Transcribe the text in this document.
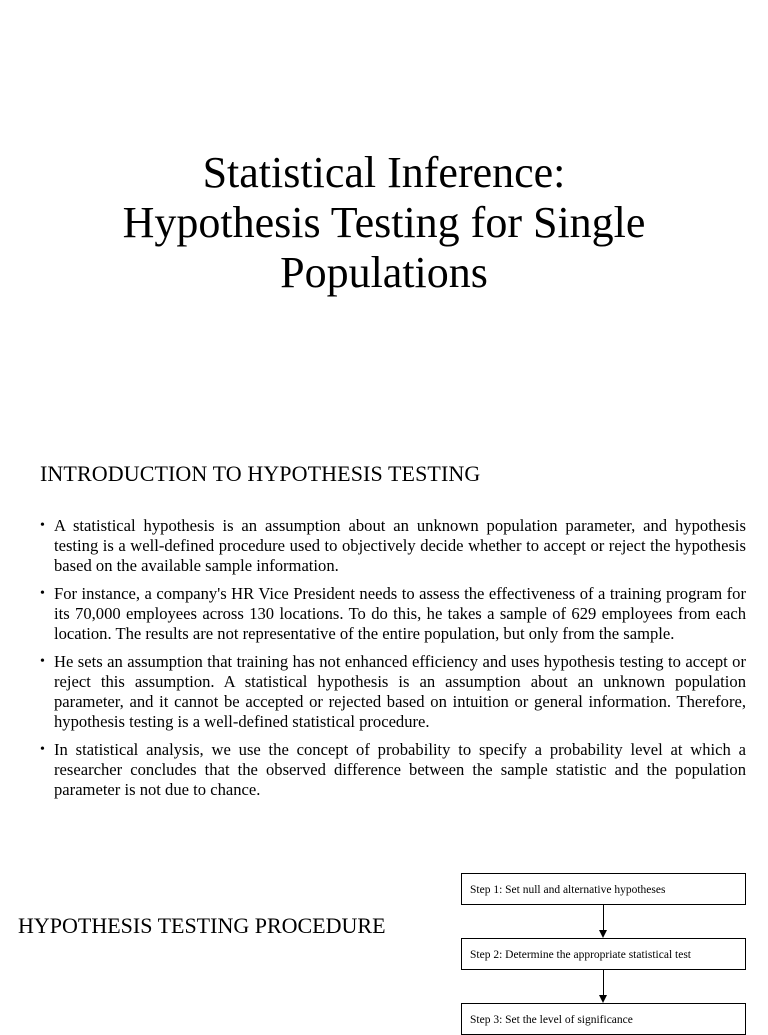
Statistical Inference:
Hypothesis Testing for Single
Populations
INTRODUCTION TO HYPOTHESIS TESTING
• A statistical hypothesis is an assumption about an unknown population parameter, and hypothesis testing is a well-defined procedure used to objectively decide whether to accept or reject the hypothesis based on the available sample information.
• For instance, a company's HR Vice President needs to assess the effectiveness of a training program for its 70,000 employees across 130 locations. To do this, he takes a sample of 629 employees from each location. The results are not representative of the entire population, but only from the sample.
• He sets an assumption that training has not enhanced efficiency and uses hypothesis testing to accept or reject this assumption. A statistical hypothesis is an assumption about an unknown population parameter, and it cannot be accepted or rejected based on intuition or general information. Therefore, hypothesis testing is a well-defined statistical procedure.
• In statistical analysis, we use the concept of probability to specify a probability level at which a researcher concludes that the observed difference between the sample statistic and the population parameter is not due to chance.
HYPOTHESIS TESTING PROCEDURE
Step 1: Set null and alternative hypotheses
Step 2: Determine the appropriate statistical test
Step 3: Set the level of significance
